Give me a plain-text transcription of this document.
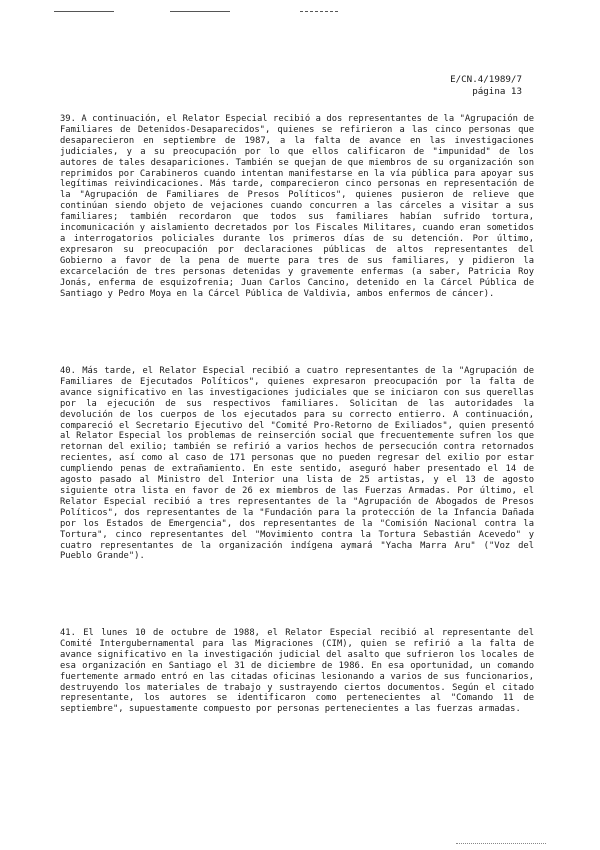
E/CN.4/1989/7
página 13

39. A continuación, el Relator Especial recibió a dos representantes de la "Agrupación de Familiares de Detenidos-Desaparecidos", quienes se refirieron a las cinco personas que desaparecieron en septiembre de 1987, a la falta de avance en las investigaciones judiciales, y a su preocupación por lo que ellos calificaron de "impunidad" de los autores de tales desapariciones. También se quejan de que miembros de su organización son reprimidos por Carabineros cuando intentan manifestarse en la vía pública para apoyar sus legítimas reivindicaciones. Más tarde, comparecieron cinco personas en representación de la "Agrupación de Familiares de Presos Políticos", quienes pusieron de relieve que continúan siendo objeto de vejaciones cuando concurren a las cárceles a visitar a sus familiares; también recordaron que todos sus familiares habían sufrido tortura, incomunicación y aislamiento decretados por los Fiscales Militares, cuando eran sometidos a interrogatorios policiales durante los primeros días de su detención. Por último, expresaron su preocupación por declaraciones públicas de altos representantes del Gobierno a favor de la pena de muerte para tres de sus familiares, y pidieron la excarcelación de tres personas detenidas y gravemente enfermas (a saber, Patricia Roy Jonás, enferma de esquizofrenia; Juan Carlos Cancino, detenido en la Cárcel Pública de Santiago y Pedro Moya en la Cárcel Pública de Valdivia, ambos enfermos de cáncer).

40. Más tarde, el Relator Especial recibió a cuatro representantes de la "Agrupación de Familiares de Ejecutados Políticos", quienes expresaron preocupación por la falta de avance significativo en las investigaciones judiciales que se iniciaron con sus querellas por la ejecución de sus respectivos familiares. Solicitan de las autoridades la devolución de los cuerpos de los ejecutados para su correcto entierro. A continuación, compareció el Secretario Ejecutivo del "Comité Pro-Retorno de Exiliados", quien presentó al Relator Especial los problemas de reinserción social que frecuentemente sufren los que retornan del exilio; también se refirió a varios hechos de persecución contra retornados recientes, así como al caso de 171 personas que no pueden regresar del exilio por estar cumpliendo penas de extrañamiento. En este sentido, aseguró haber presentado el 14 de agosto pasado al Ministro del Interior una lista de 25 artistas, y el 13 de agosto siguiente otra lista en favor de 26 ex miembros de las Fuerzas Armadas. Por último, el Relator Especial recibió a tres representantes de la "Agrupación de Abogados de Presos Políticos", dos representantes de la "Fundación para la protección de la Infancia Dañada por los Estados de Emergencia", dos representantes de la "Comisión Nacional contra la Tortura", cinco representantes del "Movimiento contra la Tortura Sebastián Acevedo" y cuatro representantes de la organización indígena aymará "Yacha Marra Aru" ("Voz del Pueblo Grande").

41. El lunes 10 de octubre de 1988, el Relator Especial recibió al representante del Comité Intergubernamental para las Migraciones (CIM), quien se refirió a la falta de avance significativo en la investigación judicial del asalto que sufrieron los locales de esa organización en Santiago el 31 de diciembre de 1986. En esa oportunidad, un comando fuertemente armado entró en las citadas oficinas lesionando a varios de sus funcionarios, destruyendo los materiales de trabajo y sustrayendo ciertos documentos. Según el citado representante, los autores se identificaron como pertenecientes al "Comando 11 de septiembre", supuestamente compuesto por personas pertenecientes a las fuerzas armadas.
